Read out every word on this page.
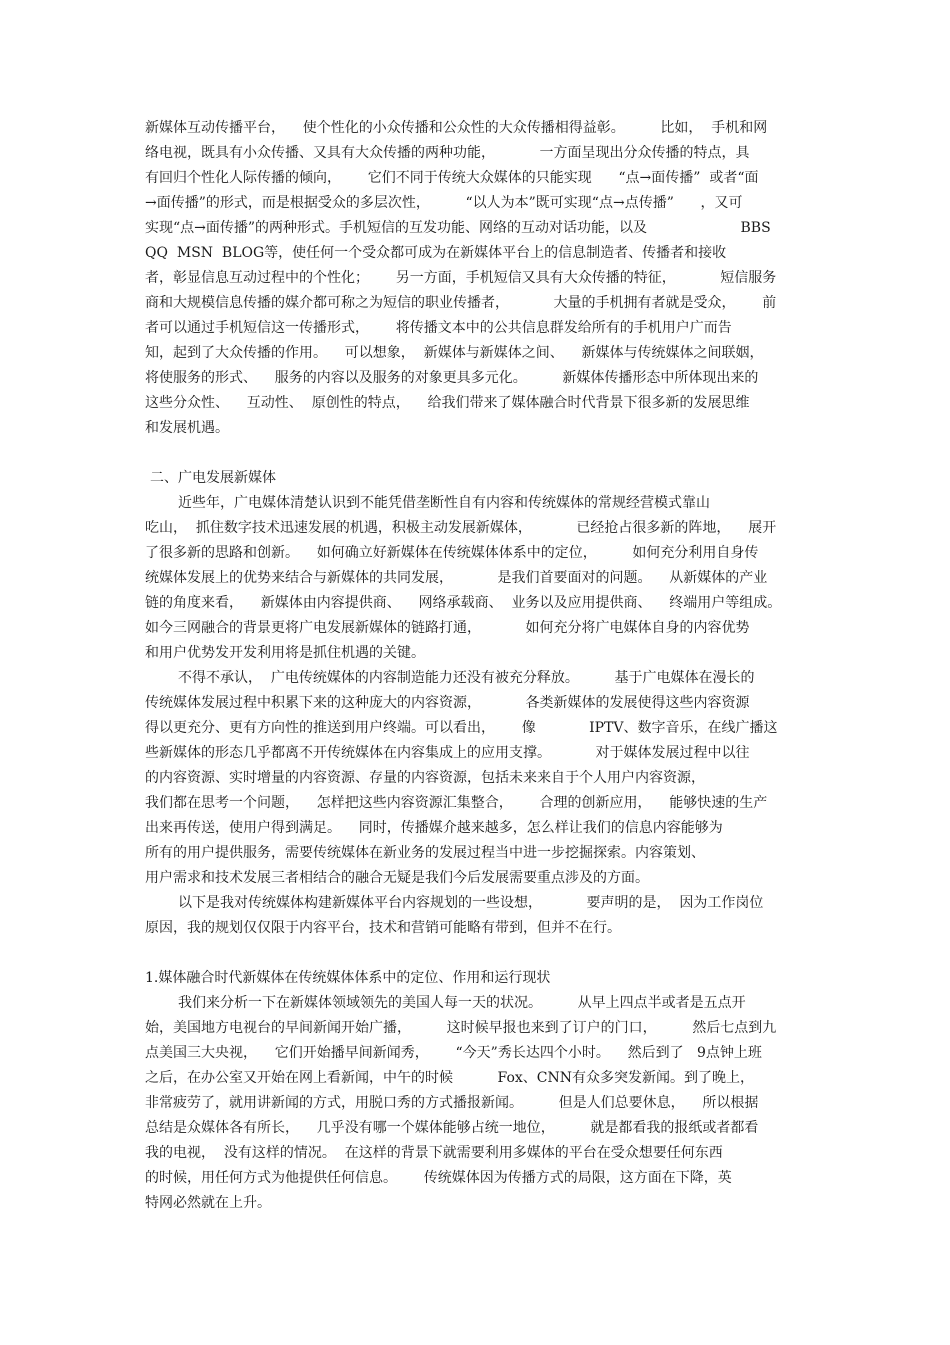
新媒体互动传播平台，    使个性化的小众传播和公众性的大众传播相得益彰。        比如，  手机和网
络电视，既具有小众传播、又具有大众传播的两种功能，          一方面呈现出分众传播的特点，具
有回归个性化人际传播的倾向，      它们不同于传统大众媒体的只能实现      “点→面传播”  或者“面
→面传播”的形式，而是根据受众的多层次性，        “以人为本”既可实现“点→点传播”      ，又可
实现“点→面传播”的两种形式。手机短信的互发功能、网络的互动对话功能，以及                     BBS
QQ  MSN  BLOG等，使任何一个受众都可成为在新媒体平台上的信息制造者、传播者和接收
者，彰显信息互动过程中的个性化；      另一方面，手机短信又具有大众传播的特征，          短信服务
商和大规模信息传播的媒介都可称之为短信的职业传播者，          大量的手机拥有者就是受众，      前
者可以通过手机短信这一传播形式，      将传播文本中的公共信息群发给所有的手机用户广而告
知，起到了大众传播的作用。    可以想象，  新媒体与新媒体之间、    新媒体与传统媒体之间联姻，
将使服务的形式、    服务的内容以及服务的对象更具多元化。        新媒体传播形态中所体现出来的
这些分众性、    互动性、  原创性的特点，    给我们带来了媒体融合时代背景下很多新的发展思维
和发展机遇。
二、广电发展新媒体
近些年，广电媒体清楚认识到不能凭借垄断性自有内容和传统媒体的常规经营模式靠山
吃山，  抓住数字技术迅速发展的机遇，积极主动发展新媒体，          已经抢占很多新的阵地，    展开
了很多新的思路和创新。    如何确立好新媒体在传统媒体体系中的定位，        如何充分利用自身传
统媒体发展上的优势来结合与新媒体的共同发展，          是我们首要面对的问题。    从新媒体的产业
链的角度来看，    新媒体由内容提供商、    网络承载商、  业务以及应用提供商、    终端用户等组成。
如今三网融合的背景更将广电发展新媒体的链路打通，          如何充分将广电媒体自身的内容优势
和用户优势发开发利用将是抓住机遇的关键。
不得不承认，  广电传统媒体的内容制造能力还没有被充分释放。        基于广电媒体在漫长的
传统媒体发展过程中积累下来的这种庞大的内容资源，          各类新媒体的发展使得这些内容资源
得以更充分、更有方向性的推送到用户终端。可以看出，      像            IPTV、数字音乐，在线广播这
些新媒体的形态几乎都离不开传统媒体在内容集成上的应用支撑。          对于媒体发展过程中以往
的内容资源、实时增量的内容资源、存量的内容资源，包括未来来自于个人用户内容资源，
我们都在思考一个问题，    怎样把这些内容资源汇集整合，      合理的创新应用，    能够快速的生产
出来再传送，使用户得到满足。    同时，传播媒介越来越多，怎么样让我们的信息内容能够为
所有的用户提供服务，需要传统媒体在新业务的发展过程当中进一步挖掘探索。内容策划、
用户需求和技术发展三者相结合的融合无疑是我们今后发展需要重点涉及的方面。
以下是我对传统媒体构建新媒体平台内容规划的一些设想，          要声明的是，  因为工作岗位
原因，我的规划仅仅限于内容平台，技术和营销可能略有带到，但并不在行。
1.媒体融合时代新媒体在传统媒体体系中的定位、作用和运行现状
我们来分析一下在新媒体领域领先的美国人每一天的状况。        从早上四点半或者是五点开
始，美国地方电视台的早间新闻开始广播，        这时候早报也来到了订户的门口，        然后七点到九
点美国三大央视，    它们开始播早间新闻秀，      “今天”秀长达四个小时。    然后到了   9点钟上班
之后，在办公室又开始在网上看新闻，中午的时候          Fox、CNN有众多突发新闻。到了晚上，
非常疲劳了，就用讲新闻的方式，用脱口秀的方式播报新闻。        但是人们总要休息，    所以根据
总结是众媒体各有所长，    几乎没有哪一个媒体能够占统一地位，        就是都看我的报纸或者都看
我的电视，  没有这样的情况。  在这样的背景下就需要利用多媒体的平台在受众想要任何东西
的时候，用任何方式为他提供任何信息。      传统媒体因为传播方式的局限，这方面在下降，英
特网必然就在上升。
